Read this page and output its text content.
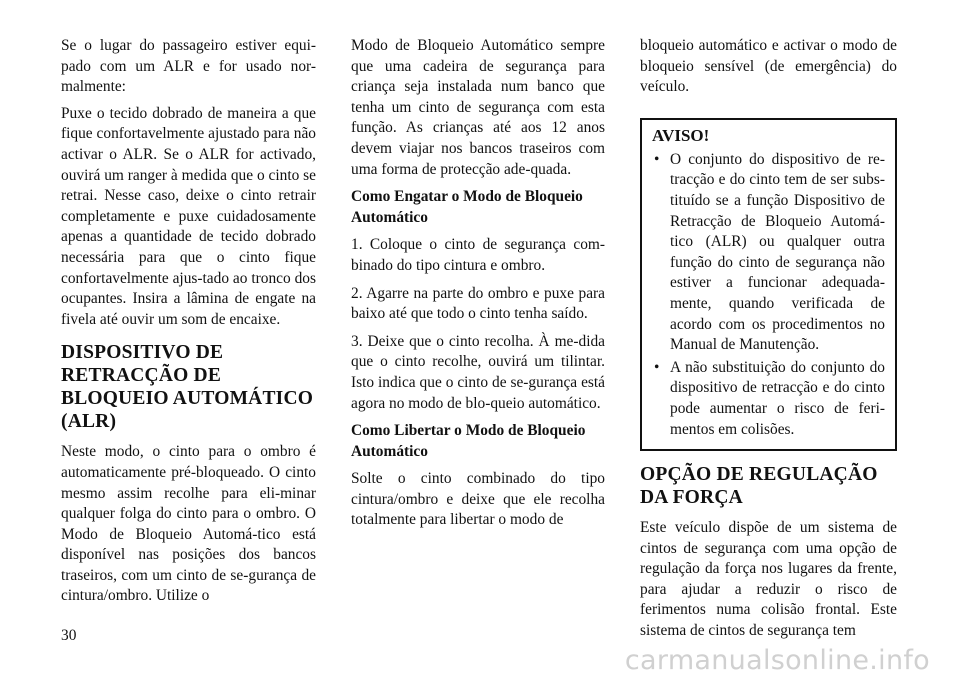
Se o lugar do passageiro estiver equi-pado com um ALR e for usado nor-malmente:

Puxe o tecido dobrado de maneira a que fique confortavelmente ajustado para não activar o ALR. Se o ALR for activado, ouvirá um ranger à medida que o cinto se retrai. Nesse caso, deixe o cinto retrair completamente e puxe cuidadosamente apenas a quantidade de tecido dobrado necessária para que o cinto fique confortavelmente ajus-tado ao tronco dos ocupantes. Insira a lâmina de engate na fivela até ouvir um som de encaixe.

DISPOSITIVO DE RETRACÇÃO DE BLOQUEIO AUTOMÁTICO (ALR)

Neste modo, o cinto para o ombro é automaticamente pré-bloqueado. O cinto mesmo assim recolhe para eli-minar qualquer folga do cinto para o ombro. O Modo de Bloqueio Automá-tico está disponível nas posições dos bancos traseiros, com um cinto de se-gurança de cintura/ombro. Utilize o

Modo de Bloqueio Automático sempre que uma cadeira de segurança para criança seja instalada num banco que tenha um cinto de segurança com esta função. As crianças até aos 12 anos devem viajar nos bancos traseiros com uma forma de protecção ade-quada.

Como Engatar o Modo de Bloqueio Automático

1. Coloque o cinto de segurança com-binado do tipo cintura e ombro.

2. Agarre na parte do ombro e puxe para baixo até que todo o cinto tenha saído.

3. Deixe que o cinto recolha. À me-dida que o cinto recolhe, ouvirá um tilintar. Isto indica que o cinto de se-gurança está agora no modo de blo-queio automático.

Como Libertar o Modo de Bloqueio Automático

Solte o cinto combinado do tipo cintura/ombro e deixe que ele recolha totalmente para libertar o modo de

bloqueio automático e activar o modo de bloqueio sensível (de emergência) do veículo.

AVISO!
• O conjunto do dispositivo de re-tracção e do cinto tem de ser subs-tituído se a função Dispositivo de Retracção de Bloqueio Automá-tico (ALR) ou qualquer outra função do cinto de segurança não estiver a funcionar adequada-mente, quando verificada de acordo com os procedimentos no Manual de Manutenção.
• A não substituição do conjunto do dispositivo de retracção e do cinto pode aumentar o risco de feri-mentos em colisões.
OPÇÃO DE REGULAÇÃO DA FORÇA

Este veículo dispõe de um sistema de cintos de segurança com uma opção de regulação da força nos lugares da frente, para ajudar a reduzir o risco de ferimentos numa colisão frontal. Este sistema de cintos de segurança tem

30
carmanualsonline.info
